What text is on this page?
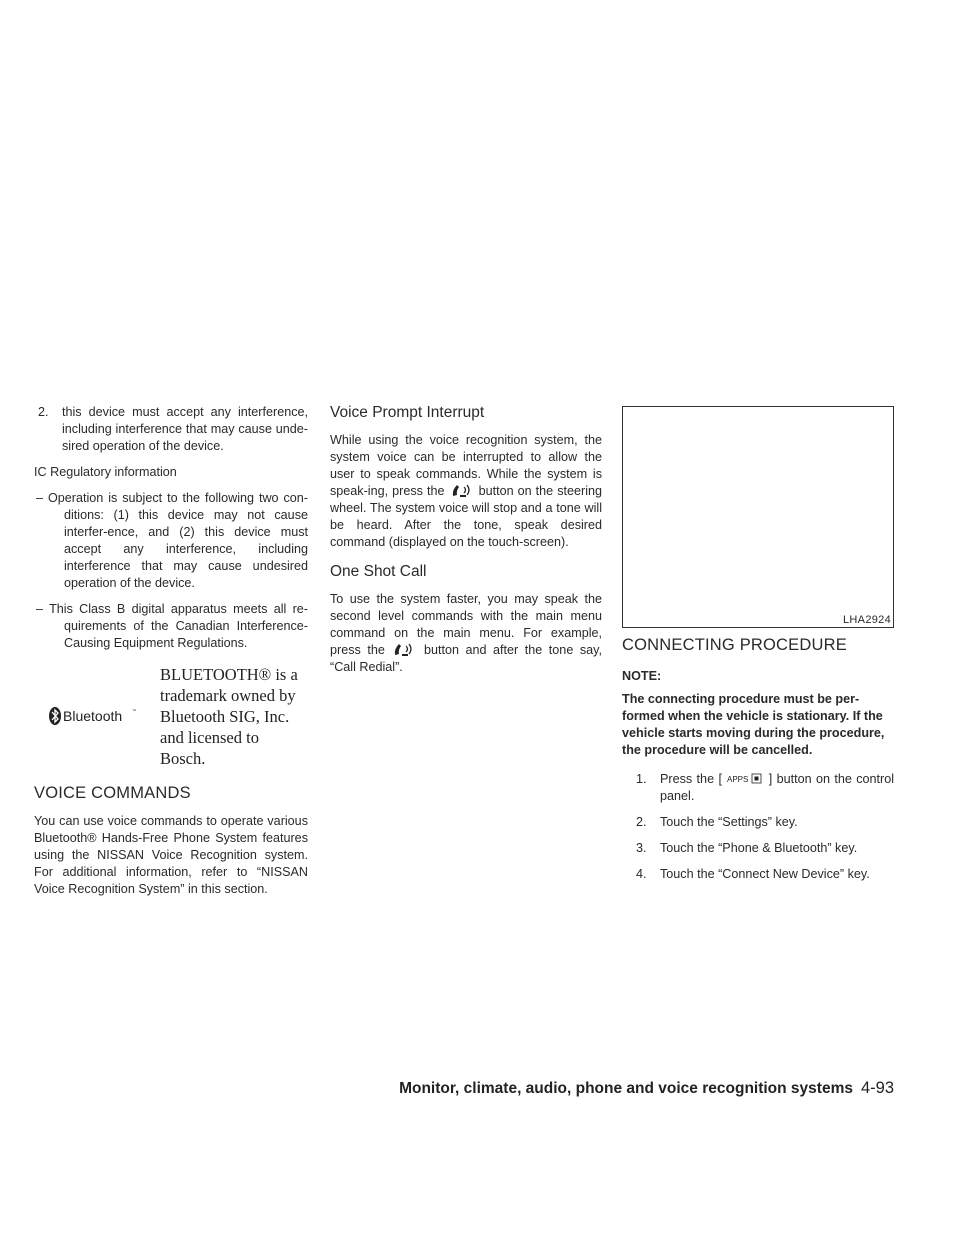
2.	this device must accept any interference, including interference that may cause unde-sired operation of the device.

IC Regulatory information

– Operation is subject to the following two con-ditions: (1) this device may not cause interfer-ence, and (2) this device must accept any interference, including interference that may cause undesired operation of the device.

– This Class B digital apparatus meets all re-quirements of the Canadian Interference-Causing Equipment Regulations.

Bluetooth ™
BLUETOOTH® is a
trademark owned by
Bluetooth SIG, Inc.
and licensed to
Bosch.
VOICE COMMANDS

You can use voice commands to operate various Bluetooth® Hands-Free Phone System features using the NISSAN Voice Recognition system. For additional information, refer to “NISSAN Voice Recognition System” in this section.

Voice Prompt Interrupt

While using the voice recognition system, the system voice can be interrupted to allow the user to speak commands. While the system is speak-ing, press the	button on the steering wheel. The system voice will stop and a tone will be heard. After the tone, speak desired command (displayed on the touch-screen).

One Shot Call

To use the system faster, you may speak the second level commands with the main menu command on the main menu. For example, press the	button and after the tone say, “Call Redial”.

LHA2924
CONNECTING PROCEDURE
NOTE:
The connecting procedure must be per-formed when the vehicle is stationary. If the vehicle starts moving during the procedure, the procedure will be cancelled.
1.	Press the [ APPS ] button on the control panel.
2.	Touch the “Settings” key.
3.	Touch the “Phone & Bluetooth” key.
4.	Touch the “Connect New Device” key.
Monitor, climate, audio, phone and voice recognition systems 4-93
